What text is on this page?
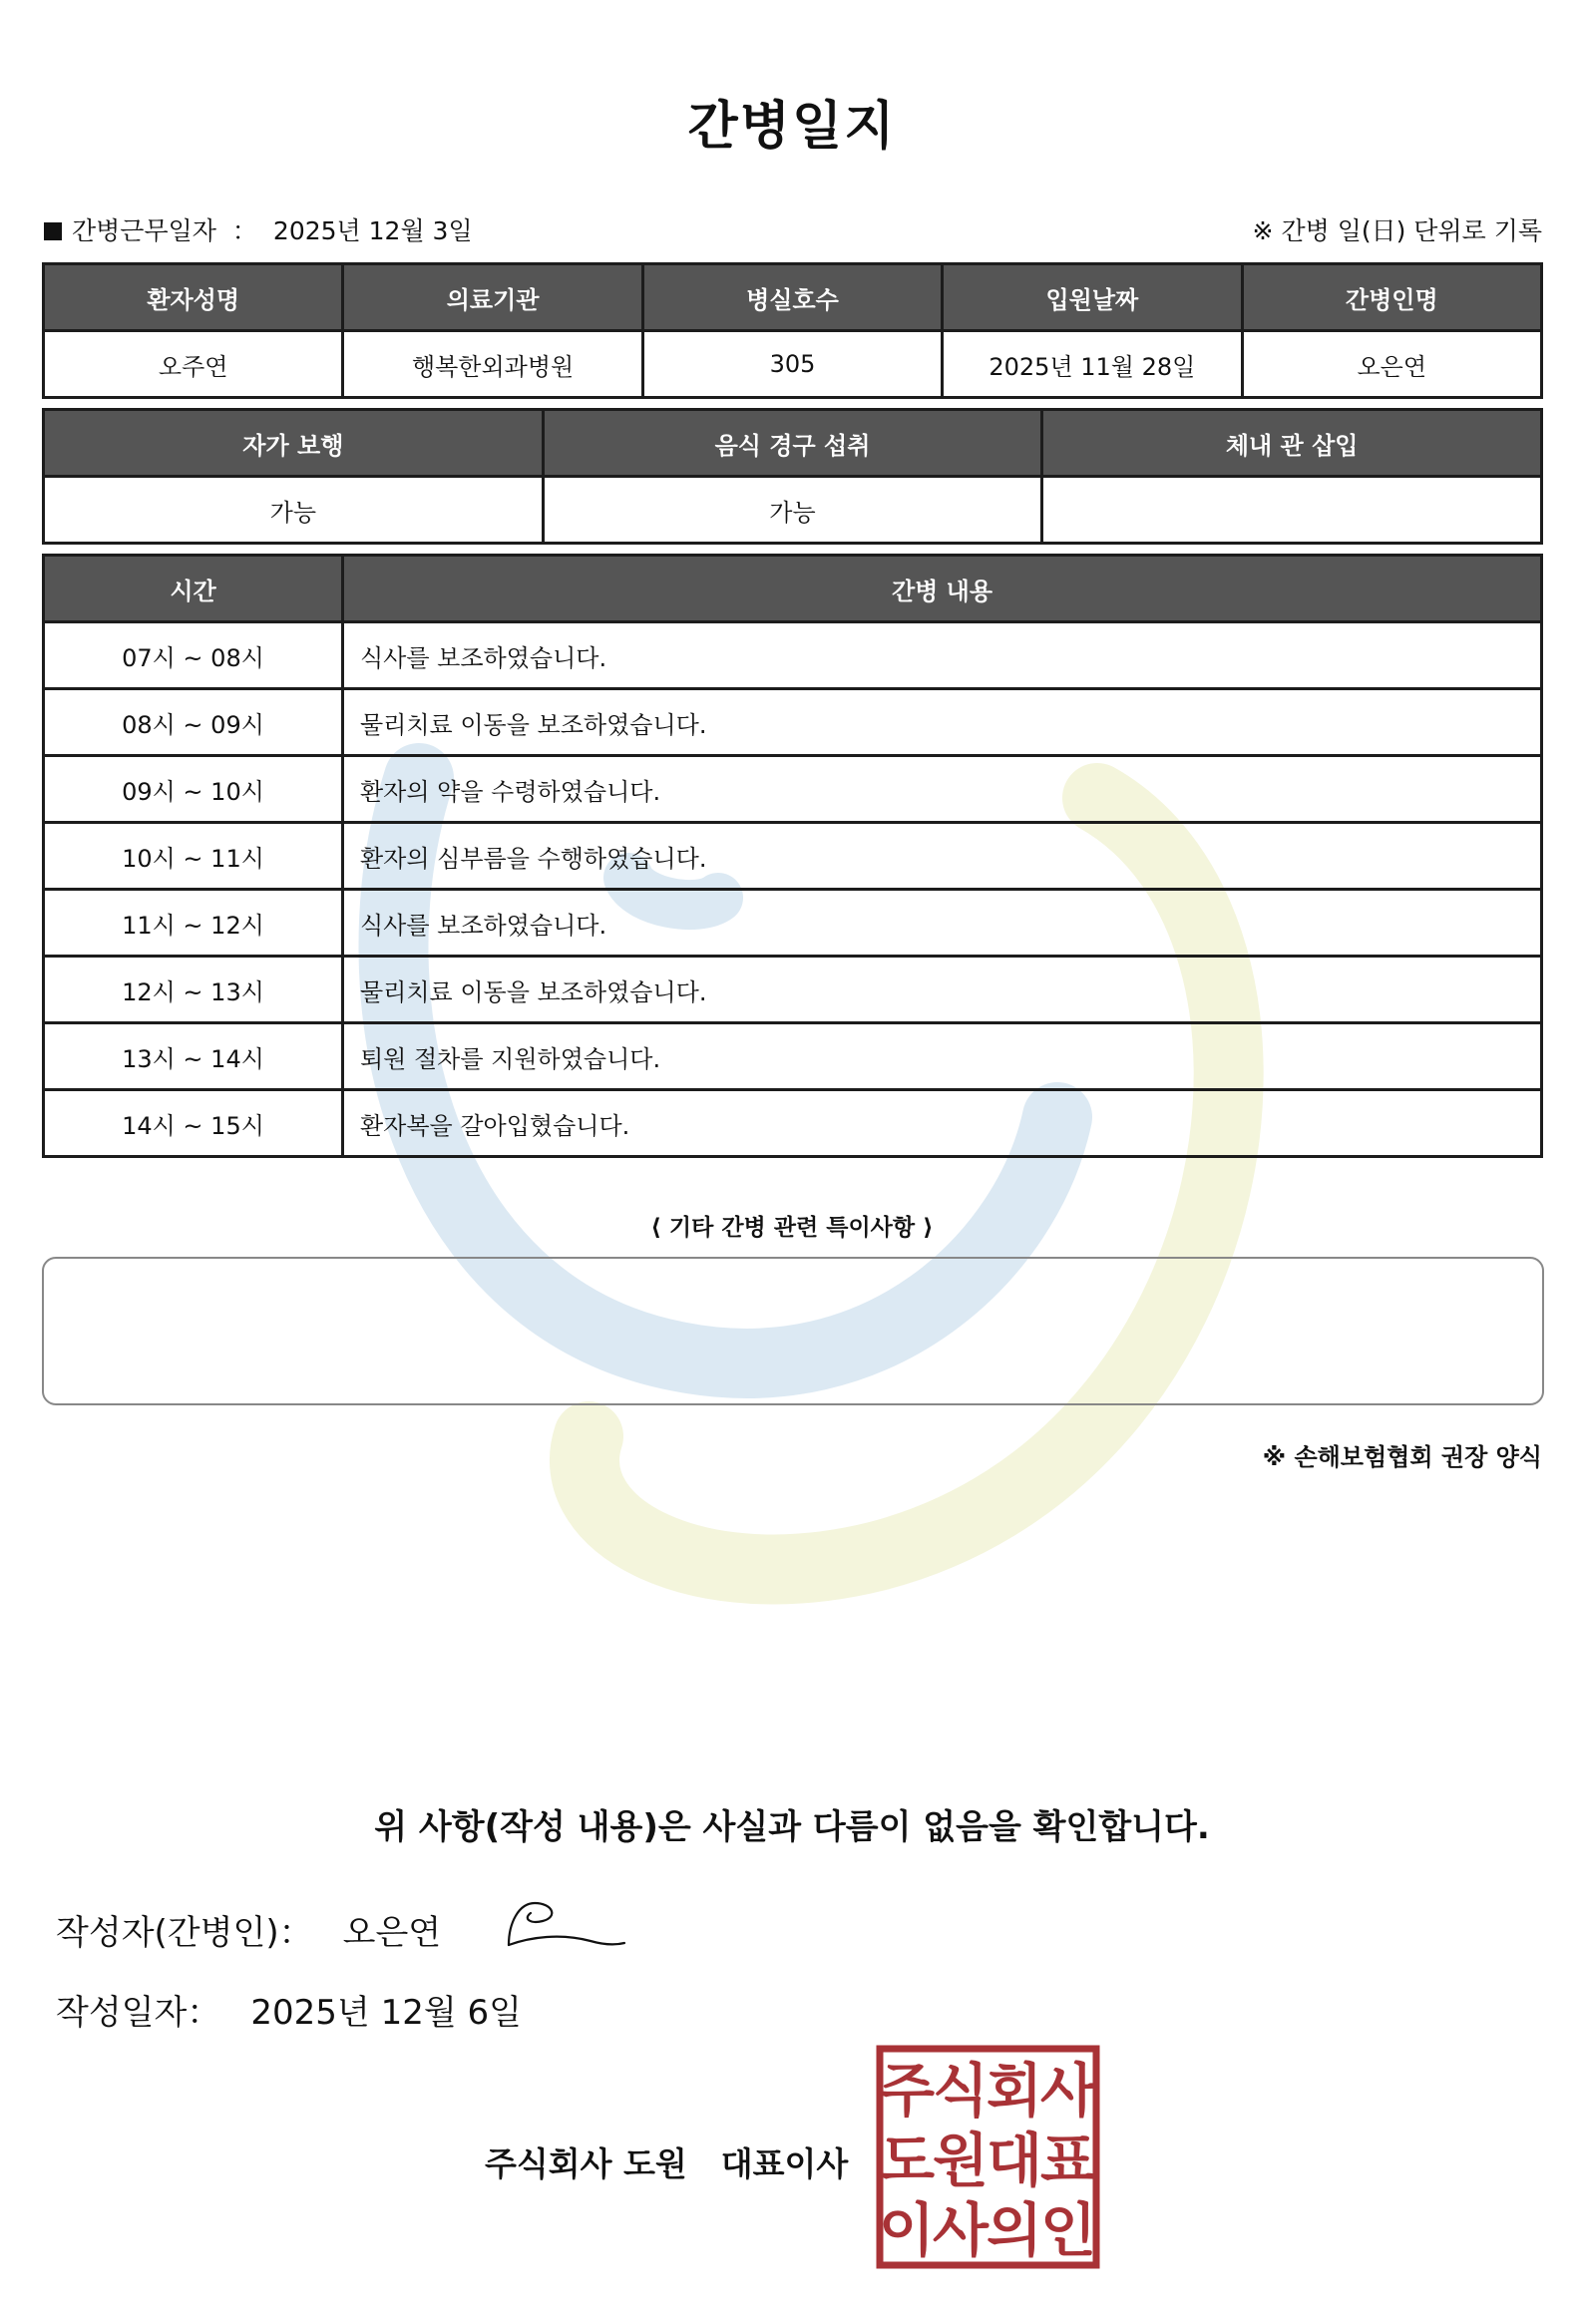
간병일지
간병근무일자 ： 2025년 12월 3일	※ 간병 일(日) 단위로 기록
환자성명	의료기관	병실호수	입원날짜	간병인명
오주연	행복한외과병원	305	2025년 11월 28일	오은연
자가 보행	음식 경구 섭취	체내 관 삽입
가능	가능	
시간	간병 내용
07시 ~ 08시	식사를 보조하였습니다.
08시 ~ 09시	물리치료 이동을 보조하였습니다.
09시 ~ 10시	환자의 약을 수령하였습니다.
10시 ~ 11시	환자의 심부름을 수행하였습니다.
11시 ~ 12시	식사를 보조하였습니다.
12시 ~ 13시	물리치료 이동을 보조하였습니다.
13시 ~ 14시	퇴원 절차를 지원하였습니다.
14시 ~ 15시	환자복을 갈아입혔습니다.
⟨ 기타 간병 관련 특이사항 ⟩
※ 손해보험협회 권장 양식
위 사항(작성 내용)은 사실과 다름이 없음을 확인합니다.
작성자(간병인)： 오은연
작성일자： 2025년 12월 6일
주식회사 도원 대표이사
주
식
회
사
도
원
대
표
이
사
의
인
